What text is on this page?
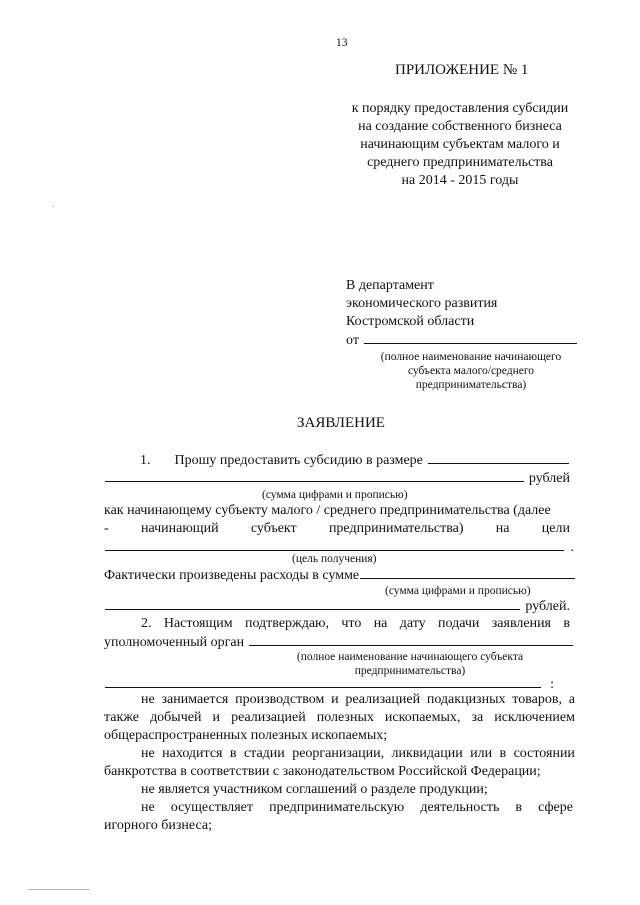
13
ПРИЛОЖЕНИЕ № 1
к порядку предоставления субсидии
на создание собственного бизнеса
начинающим субъектам малого и
среднего предпринимательства
на 2014 - 2015 годы
В департамент
экономического развития
Костромской области
от
(полное наименование начинающего
субъекта малого/среднего
предпринимательства)
ЗАЯВЛЕНИЕ
1. Прошу предоставить субсидию в размере
рублей
(сумма цифрами и прописью)
как начинающему субъекту малого / среднего предпринимательства (далее
- начинающий субъект предпринимательства) на цели
.
(цель получения)
Фактически произведены расходы в сумме
(сумма цифрами и прописью)
рублей.
2. Настоящим подтверждаю, что на дату подачи заявления в
уполномоченный орган
(полное наименование начинающего субъекта
предпринимательства)
:
не занимается производством и реализацией подакцизных товаров, а
также добычей и реализацией полезных ископаемых, за исключением
общераспространенных полезных ископаемых;
не находится в стадии реорганизации, ликвидации или в состоянии
банкротства в соответствии с законодательством Российской Федерации;
не является участником соглашений о разделе продукции;
не осуществляет предпринимательскую деятельность в сфере
игорного бизнеса;
